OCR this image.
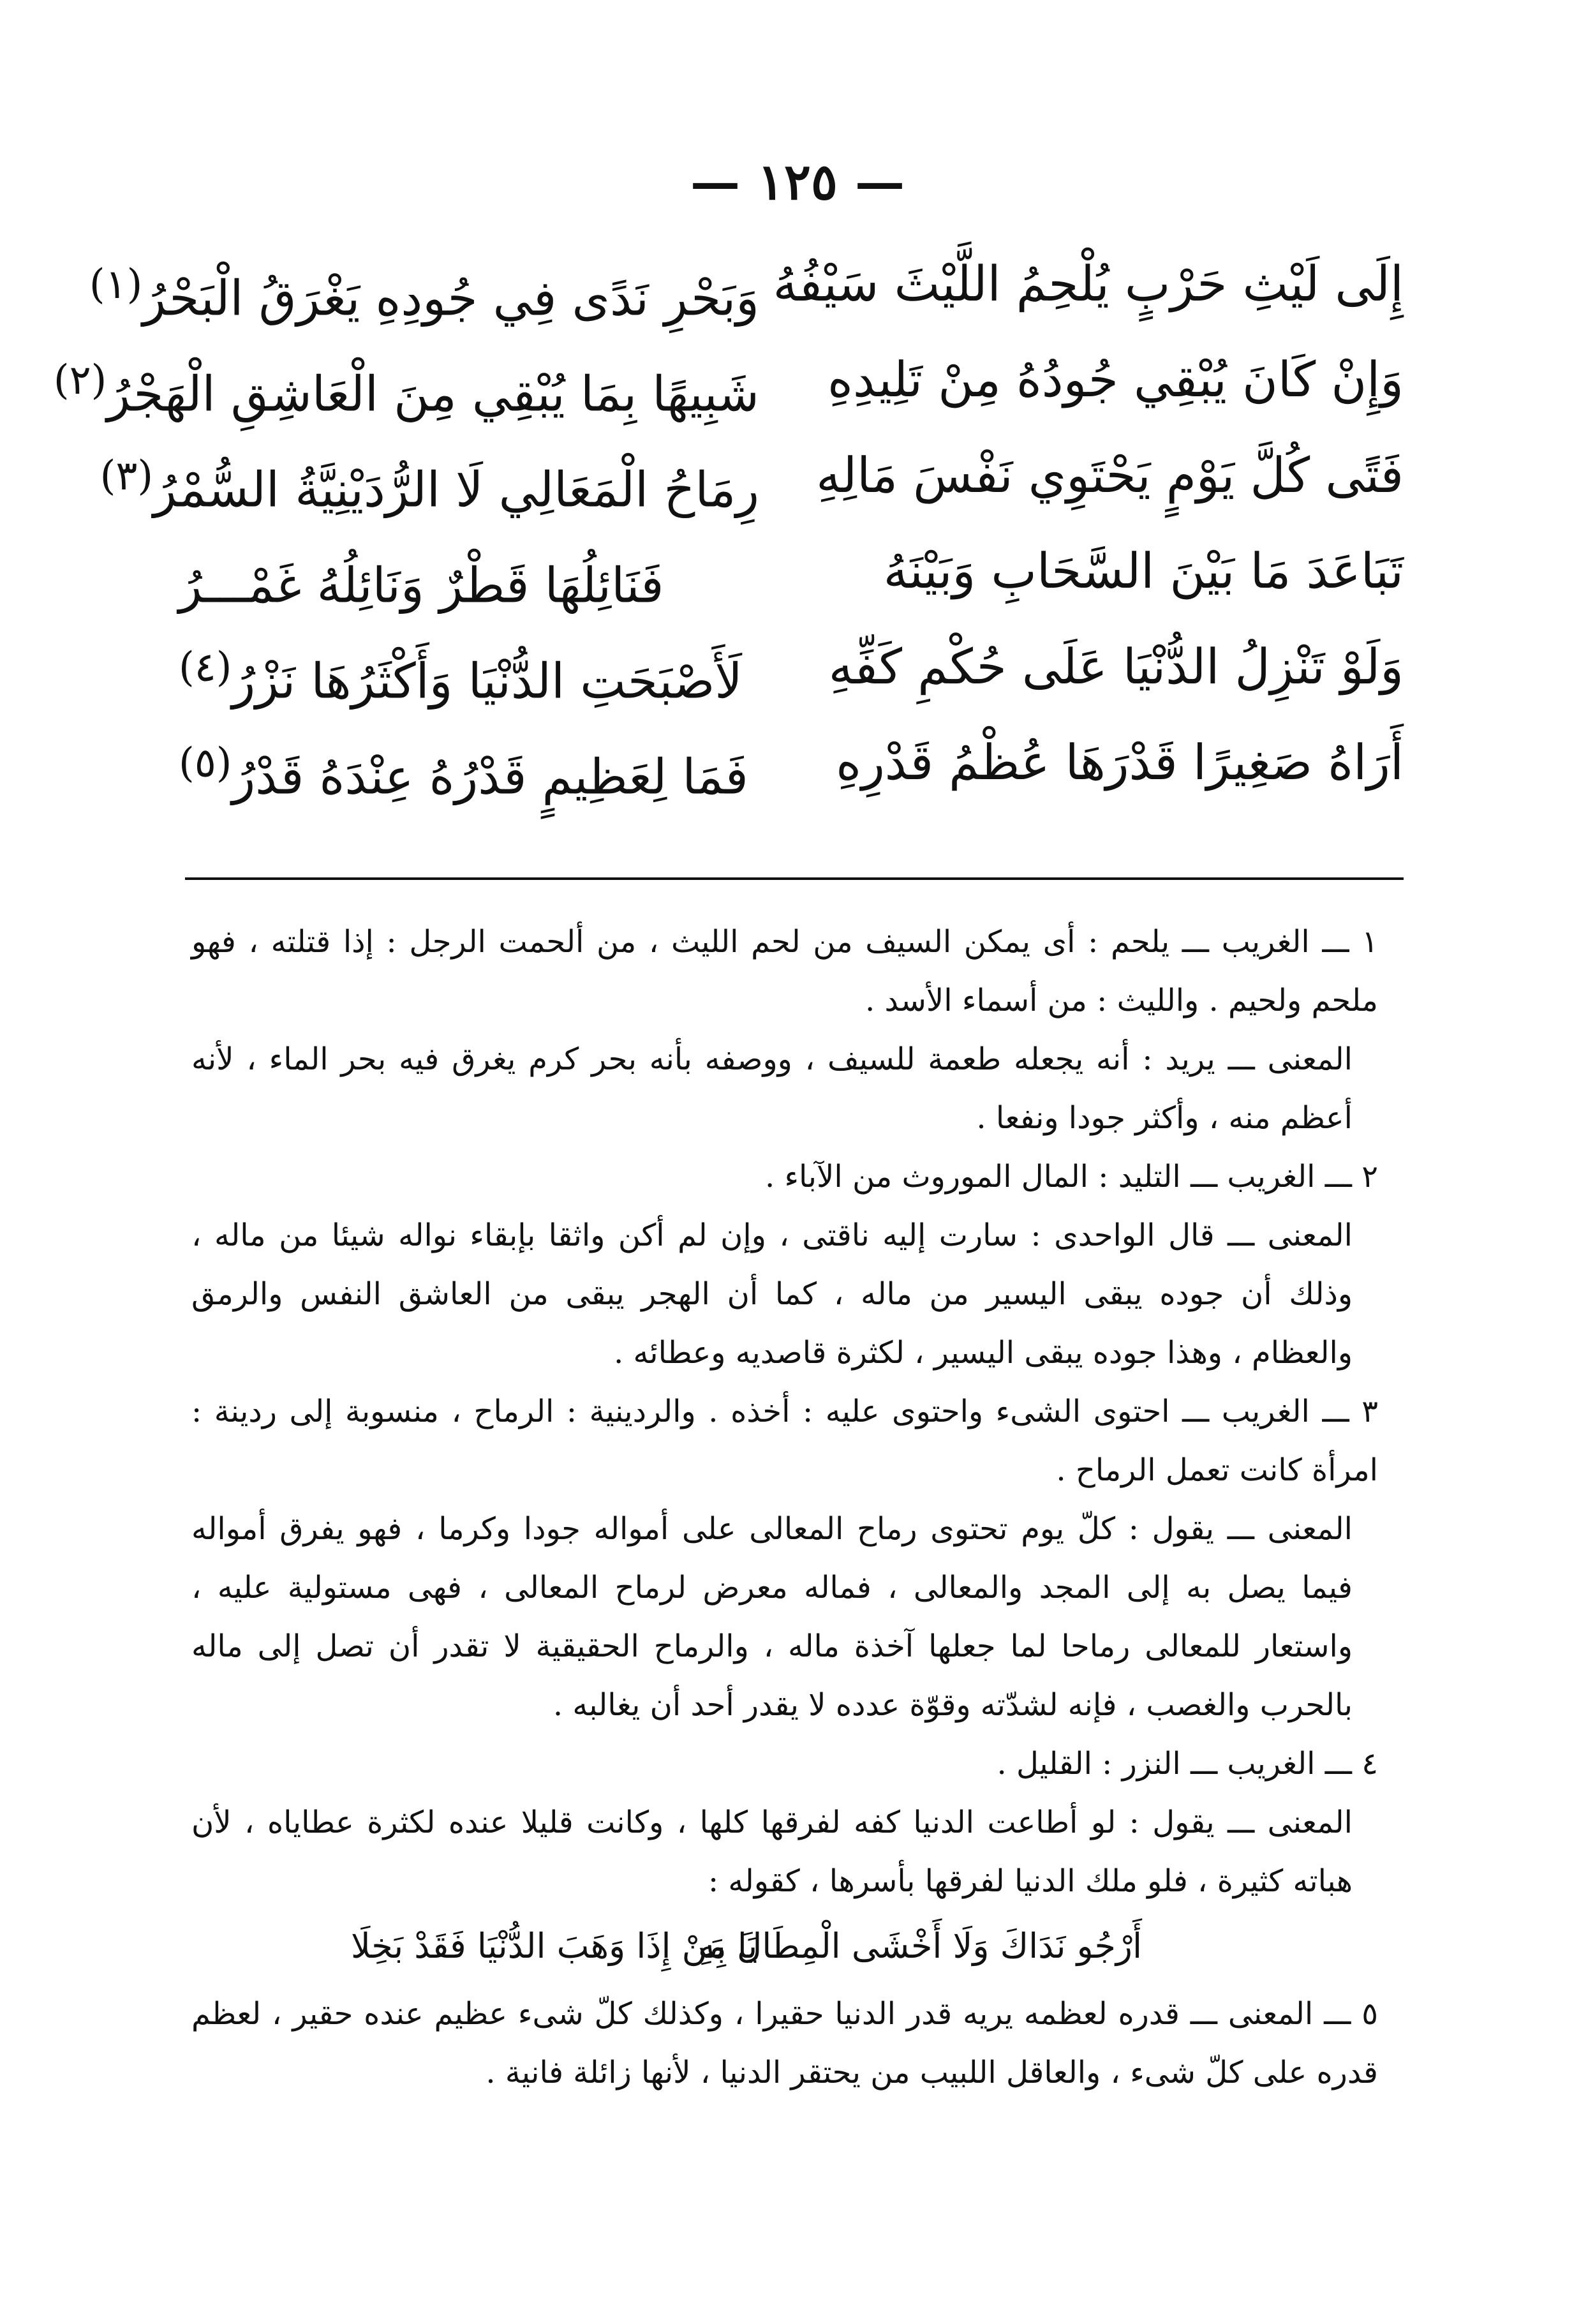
— ١٢٥ —
إِلَى لَيْثِ حَرْبٍ يُلْحِمُ اللَّيْثَ سَيْفُهُ
وَبَحْرِ نَدًى فِي جُودِهِ يَغْرَقُ الْبَحْرُ$^{(١)}$
وَإِنْ كَانَ يُبْقِي جُودُهُ مِنْ تَلِيدِهِ
شَبِيهًا بِمَا يُبْقِي مِنَ الْعَاشِقِ الْهَجْرُ$^{(٢)}$
فَتًى كُلَّ يَوْمٍ يَحْتَوِي نَفْسَ مَالِهِ
رِمَاحُ الْمَعَالِي لَا الرُّدَيْنِيَّةُ السُّمْرُ$^{(٣)}$
تَبَاعَدَ مَا بَيْنَ السَّحَابِ وَبَيْنَهُ
فَنَائِلُهَا قَطْرٌ وَنَائِلُهُ غَمْـــرُ
وَلَوْ تَنْزِلُ الدُّنْيَا عَلَى حُكْمِ كَفِّهِ
لَأَصْبَحَتِ الدُّنْيَا وَأَكْثَرُهَا نَزْرُ$^{(٤)}$
أَرَاهُ صَغِيرًا قَدْرَهَا عُظْمُ قَدْرِهِ
فَمَا لِعَظِيمٍ قَدْرُهُ عِنْدَهُ قَدْرُ$^{(٥)}$

١ ـــ الغريب ـــ يلحم : أى يمكن السيف من لحم الليث ، من ألحمت الرجل : إذا قتلته ، فهو ملحم ولحيم . والليث : من أسماء الأسد .

المعنى ـــ يريد : أنه يجعله طعمة للسيف ، ووصفه بأنه بحر كرم يغرق فيه بحر الماء ، لأنه أعظم منه ، وأكثر جودا ونفعا .

٢ ـــ الغريب ـــ التليد : المال الموروث من الآباء .

المعنى ـــ قال الواحدى : سارت إليه ناقتى ، وإن لم أكن واثقا بإبقاء نواله شيئا من ماله ، وذلك أن جوده يبقى اليسير من ماله ، كما أن الهجر يبقى من العاشق النفس والرمق والعظام ، وهذا جوده يبقى اليسير ، لكثرة قاصديه وعطائه .

٣ ـــ الغريب ـــ احتوى الشىء واحتوى عليه : أخذه . والردينية : الرماح ، منسوبة إلى ردينة : امرأة كانت تعمل الرماح .

المعنى ـــ يقول : كلّ يوم تحتوى رماح المعالى على أمواله جودا وكرما ، فهو يفرق أمواله فيما يصل به إلى المجد والمعالى ، فماله معرض لرماح المعالى ، فهى مستولية عليه ، واستعار للمعالى رماحا لما جعلها آخذة ماله ، والرماح الحقيقية لا تقدر أن تصل إلى ماله بالحرب والغصب ، فإنه لشدّته وقوّة عدده لا يقدر أحد أن يغالبه .

٤ ـــ الغريب ـــ النزر : القليل .

المعنى ـــ يقول : لو أطاعت الدنيا كفه لفرقها كلها ، وكانت قليلا عنده لكثرة عطاياه ، لأن هباته كثيرة ، فلو ملك الدنيا لفرقها بأسرها ، كقوله :

أَرْجُو نَدَاكَ وَلَا أَخْشَى الْمِطَالَ بِهِ
يَا مَنْ إِذَا وَهَبَ الدُّنْيَا فَقَدْ بَخِلَا

٥ ـــ المعنى ـــ قدره لعظمه يريه قدر الدنيا حقيرا ، وكذلك كلّ شىء عظيم عنده حقير ، لعظم قدره على كلّ شىء ، والعاقل اللبيب من يحتقر الدنيا ، لأنها زائلة فانية .
